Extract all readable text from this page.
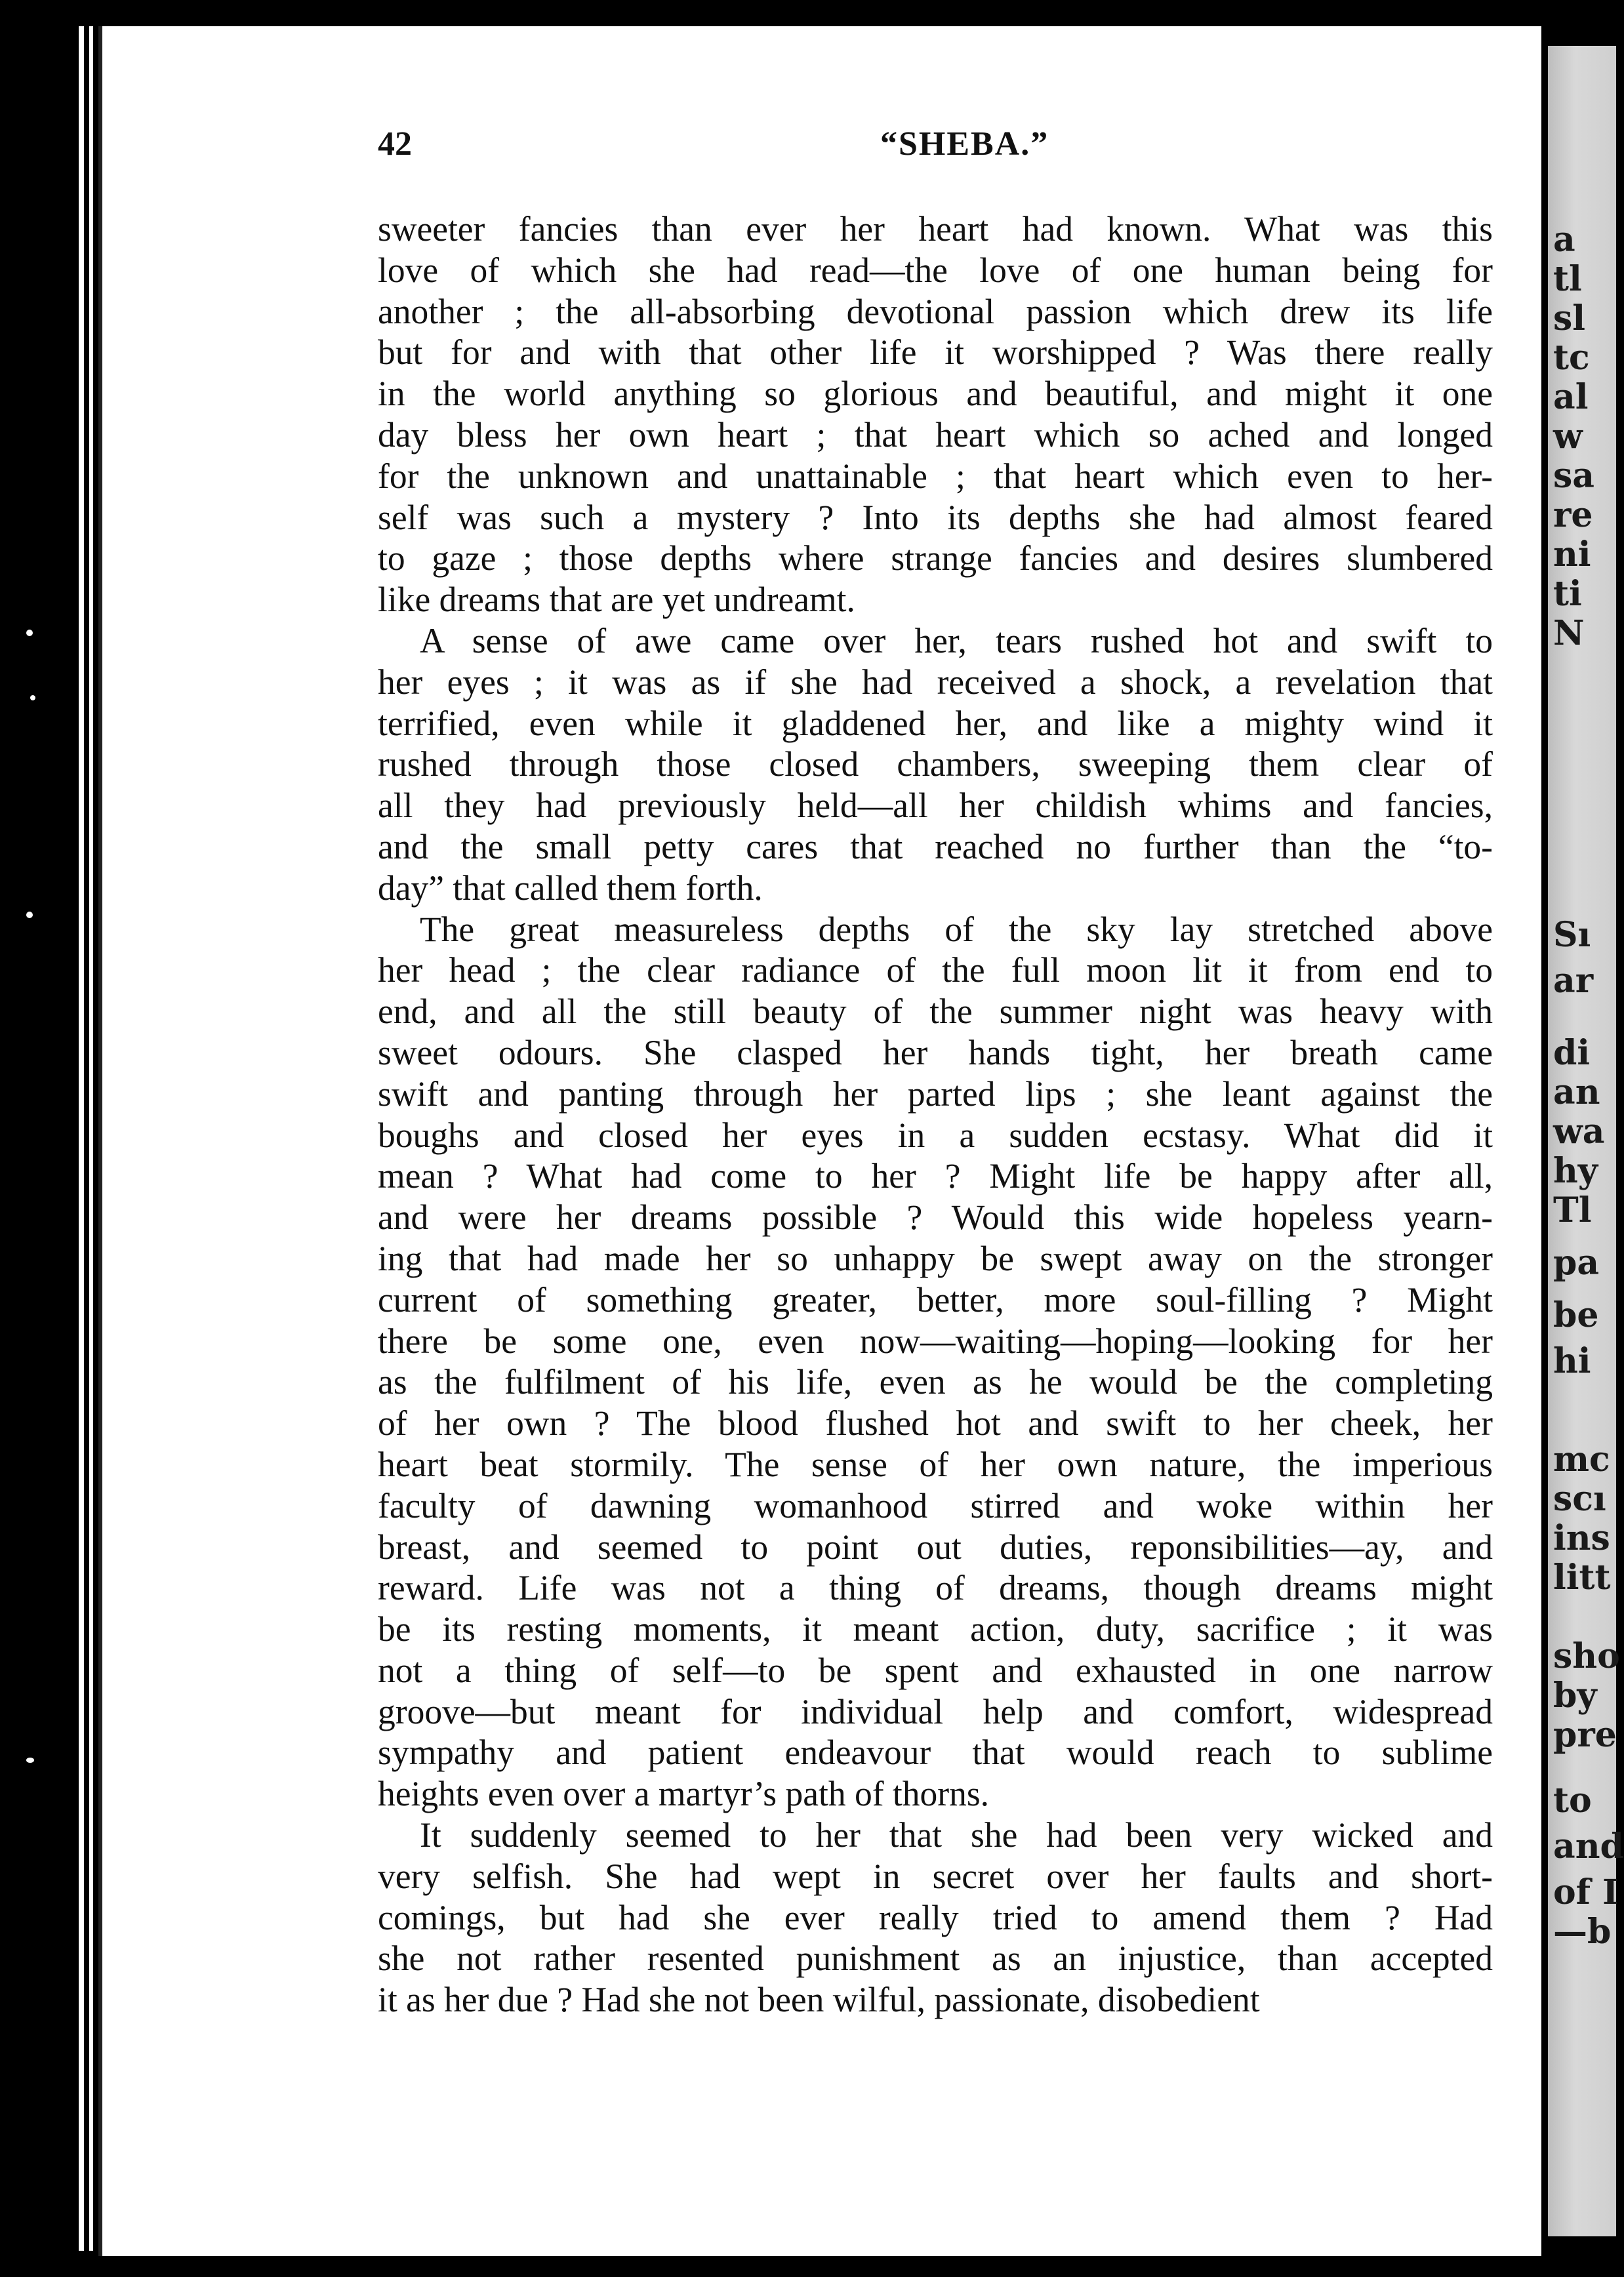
42	“SHEBA.”
sweeter fancies than ever her heart had known. What was this
love of which she had read—the love of one human being for
another ; the all-absorbing devotional passion which drew its life
but for and with that other life it worshipped ? Was there really
in the world anything so glorious and beautiful, and might it one
day bless her own heart ; that heart which so ached and longed
for the unknown and unattainable ; that heart which even to her-
self was such a mystery ? Into its depths she had almost feared
to gaze ; those depths where strange fancies and desires slumbered
like dreams that are yet undreamt.
A sense of awe came over her, tears rushed hot and swift to
her eyes ; it was as if she had received a shock, a revelation that
terrified, even while it gladdened her, and like a mighty wind it
rushed through those closed chambers, sweeping them clear of
all they had previously held—all her childish whims and fancies,
and the small petty cares that reached no further than the “to-
day” that called them forth.
The great measureless depths of the sky lay stretched above
her head ; the clear radiance of the full moon lit it from end to
end, and all the still beauty of the summer night was heavy with
sweet odours. She clasped her hands tight, her breath came
swift and panting through her parted lips ; she leant against the
boughs and closed her eyes in a sudden ecstasy. What did it
mean ? What had come to her ? Might life be happy after all,
and were her dreams possible ? Would this wide hopeless yearn-
ing that had made her so unhappy be swept away on the stronger
current of something greater, better, more soul-filling ? Might
there be some one, even now—waiting—hoping—looking for her
as the fulfilment of his life, even as he would be the completing
of her own ? The blood flushed hot and swift to her cheek, her
heart beat stormily. The sense of her own nature, the imperious
faculty of dawning womanhood stirred and woke within her
breast, and seemed to point out duties, reponsibilities—ay, and
reward. Life was not a thing of dreams, though dreams might
be its resting moments, it meant action, duty, sacrifice ; it was
not a thing of self—to be spent and exhausted in one narrow
groove—but meant for individual help and comfort, widespread
sympathy and patient endeavour that would reach to sublime
heights even over a martyr’s path of thorns.
It suddenly seemed to her that she had been very wicked and
very selfish. She had wept in secret over her faults and short-
comings, but had she ever really tried to amend them ? Had
she not rather resented punishment as an injustice, than accepted
it as her due ? Had she not been wilful, passionate, disobedient
a
tl
sl
tc
al
w
sa
re
ni
ti
N
Sı
ar
di
an
wa
hy
Tl
pa
be
hi
mc
scı
ins
litt
sho
by
pre
to
and
of I
—b
